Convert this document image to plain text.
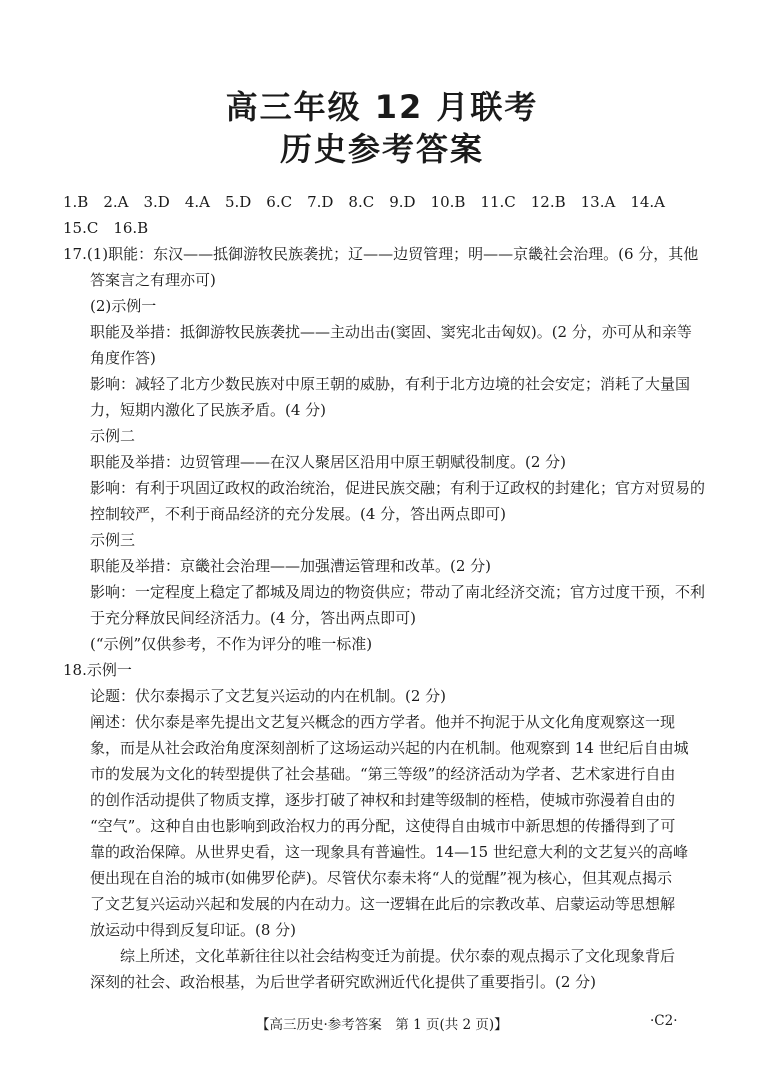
高三年级 12 月联考
历史参考答案
1.B　2.A　3.D　4.A　5.D　6.C　7.D　8.C　9.D　10.B　11.C　12.B　13.A　14.A
15.C　16.B
17.(1)职能：东汉——抵御游牧民族袭扰；辽——边贸管理；明——京畿社会治理。(6 分，其他
答案言之有理亦可)
(2)示例一
职能及举措：抵御游牧民族袭扰——主动出击(窦固、窦宪北击匈奴)。(2 分，亦可从和亲等
角度作答)
影响：减轻了北方少数民族对中原王朝的威胁，有利于北方边境的社会安定；消耗了大量国
力，短期内激化了民族矛盾。(4 分)
示例二
职能及举措：边贸管理——在汉人聚居区沿用中原王朝赋役制度。(2 分)
影响：有利于巩固辽政权的政治统治，促进民族交融；有利于辽政权的封建化；官方对贸易的
控制较严，不利于商品经济的充分发展。(4 分，答出两点即可)
示例三
职能及举措：京畿社会治理——加强漕运管理和改革。(2 分)
影响：一定程度上稳定了都城及周边的物资供应；带动了南北经济交流；官方过度干预，不利
于充分释放民间经济活力。(4 分，答出两点即可)
(“示例”仅供参考，不作为评分的唯一标准)
18.示例一
论题：伏尔泰揭示了文艺复兴运动的内在机制。(2 分)
阐述：伏尔泰是率先提出文艺复兴概念的西方学者。他并不拘泥于从文化角度观察这一现
象，而是从社会政治角度深刻剖析了这场运动兴起的内在机制。他观察到 14 世纪后自由城
市的发展为文化的转型提供了社会基础。“第三等级”的经济活动为学者、艺术家进行自由
的创作活动提供了物质支撑，逐步打破了神权和封建等级制的桎梏，使城市弥漫着自由的
“空气”。这种自由也影响到政治权力的再分配，这使得自由城市中新思想的传播得到了可
靠的政治保障。从世界史看，这一现象具有普遍性。14—15 世纪意大利的文艺复兴的高峰
便出现在自治的城市(如佛罗伦萨)。尽管伏尔泰未将“人的觉醒”视为核心，但其观点揭示
了文艺复兴运动兴起和发展的内在动力。这一逻辑在此后的宗教改革、启蒙运动等思想解
放运动中得到反复印证。(8 分)
综上所述，文化革新往往以社会结构变迁为前提。伏尔泰的观点揭示了文化现象背后
深刻的社会、政治根基，为后世学者研究欧洲近代化提供了重要指引。(2 分)
【高三历史·参考答案　第 1 页(共 2 页)】	·C2·
